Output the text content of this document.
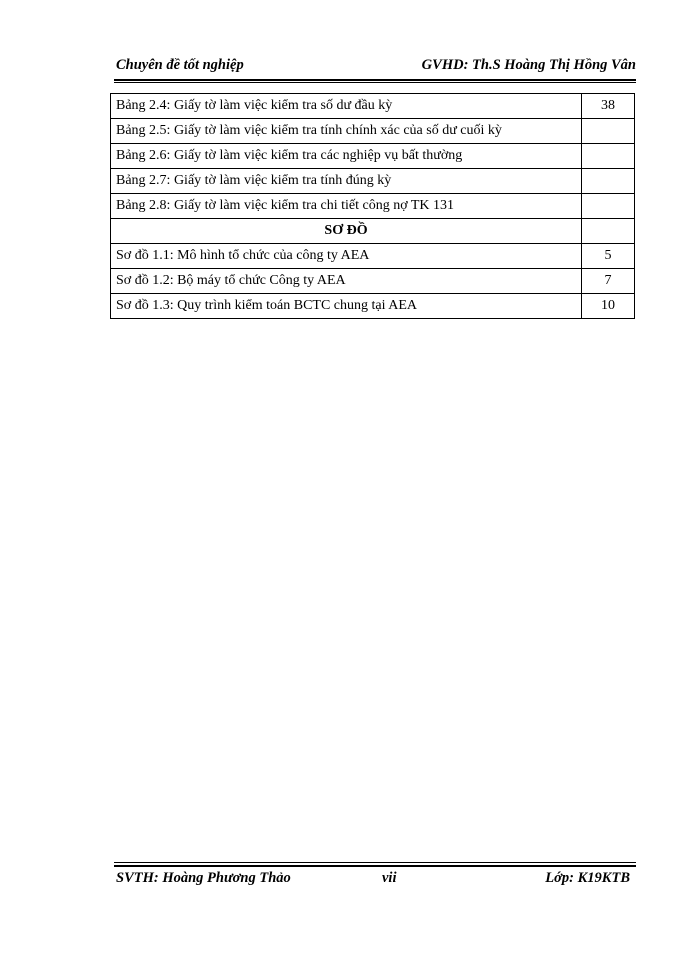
Chuyên đề tốt nghiệp	GVHD: Th.S Hoàng Thị Hồng Vân
Bảng 2.4: Giấy tờ làm việc kiểm tra số dư đầu kỳ	38
Bảng 2.5: Giấy tờ làm việc kiểm tra tính chính xác của số dư cuối kỳ	
Bảng 2.6: Giấy tờ làm việc kiểm tra các nghiệp vụ bất thường	
Bảng 2.7: Giấy tờ làm việc kiểm tra tính đúng kỳ	
Bảng 2.8: Giấy tờ làm việc kiểm tra chi tiết công nợ TK 131	
SƠ ĐỒ	
Sơ đồ 1.1: Mô hình tổ chức của công ty AEA	5
Sơ đồ 1.2: Bộ máy tổ chức Công ty AEA	7
Sơ đồ 1.3: Quy trình kiểm toán BCTC chung tại AEA	10
SVTH: Hoàng Phương Thảo	vii	Lớp: K19KTB
